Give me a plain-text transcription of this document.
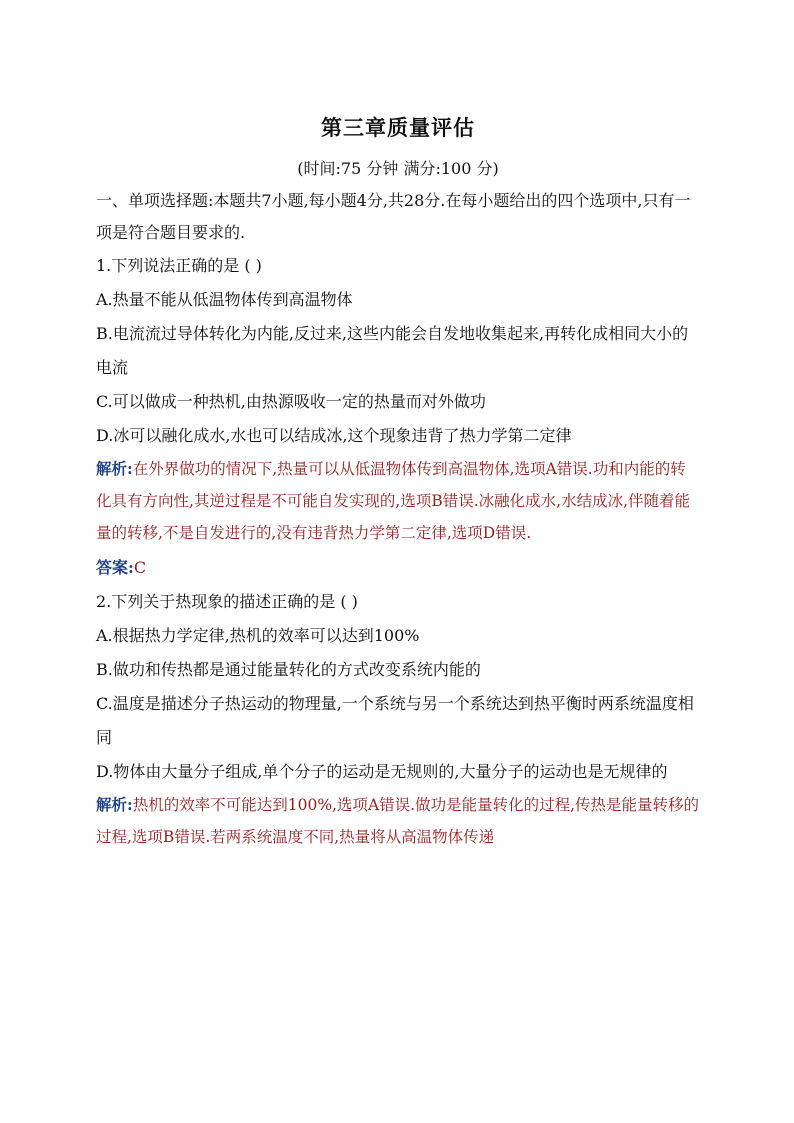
第三章质量评估

(时间:75 分钟 满分:100 分)

一、单项选择题:本题共7小题,每小题4分,共28分.在每小题给出的四个选项中,只有一项是符合题目要求的.

1.下列说法正确的是 ( )

A.热量不能从低温物体传到高温物体

B.电流流过导体转化为内能,反过来,这些内能会自发地收集起来,再转化成相同大小的电流

C.可以做成一种热机,由热源吸收一定的热量而对外做功

D.冰可以融化成水,水也可以结成冰,这个现象违背了热力学第二定律

解析:在外界做功的情况下,热量可以从低温物体传到高温物体,选项A错误.功和内能的转化具有方向性,其逆过程是不可能自发实现的,选项B错误.冰融化成水,水结成冰,伴随着能量的转移,不是自发进行的,没有违背热力学第二定律,选项D错误.

答案:C

2.下列关于热现象的描述正确的是 ( )

A.根据热力学定律,热机的效率可以达到100%

B.做功和传热都是通过能量转化的方式改变系统内能的

C.温度是描述分子热运动的物理量,一个系统与另一个系统达到热平衡时两系统温度相同

D.物体由大量分子组成,单个分子的运动是无规则的,大量分子的运动也是无规律的

解析:热机的效率不可能达到100%,选项A错误.做功是能量转化的过程,传热是能量转移的过程,选项B错误.若两系统温度不同,热量将从高温物体传递
